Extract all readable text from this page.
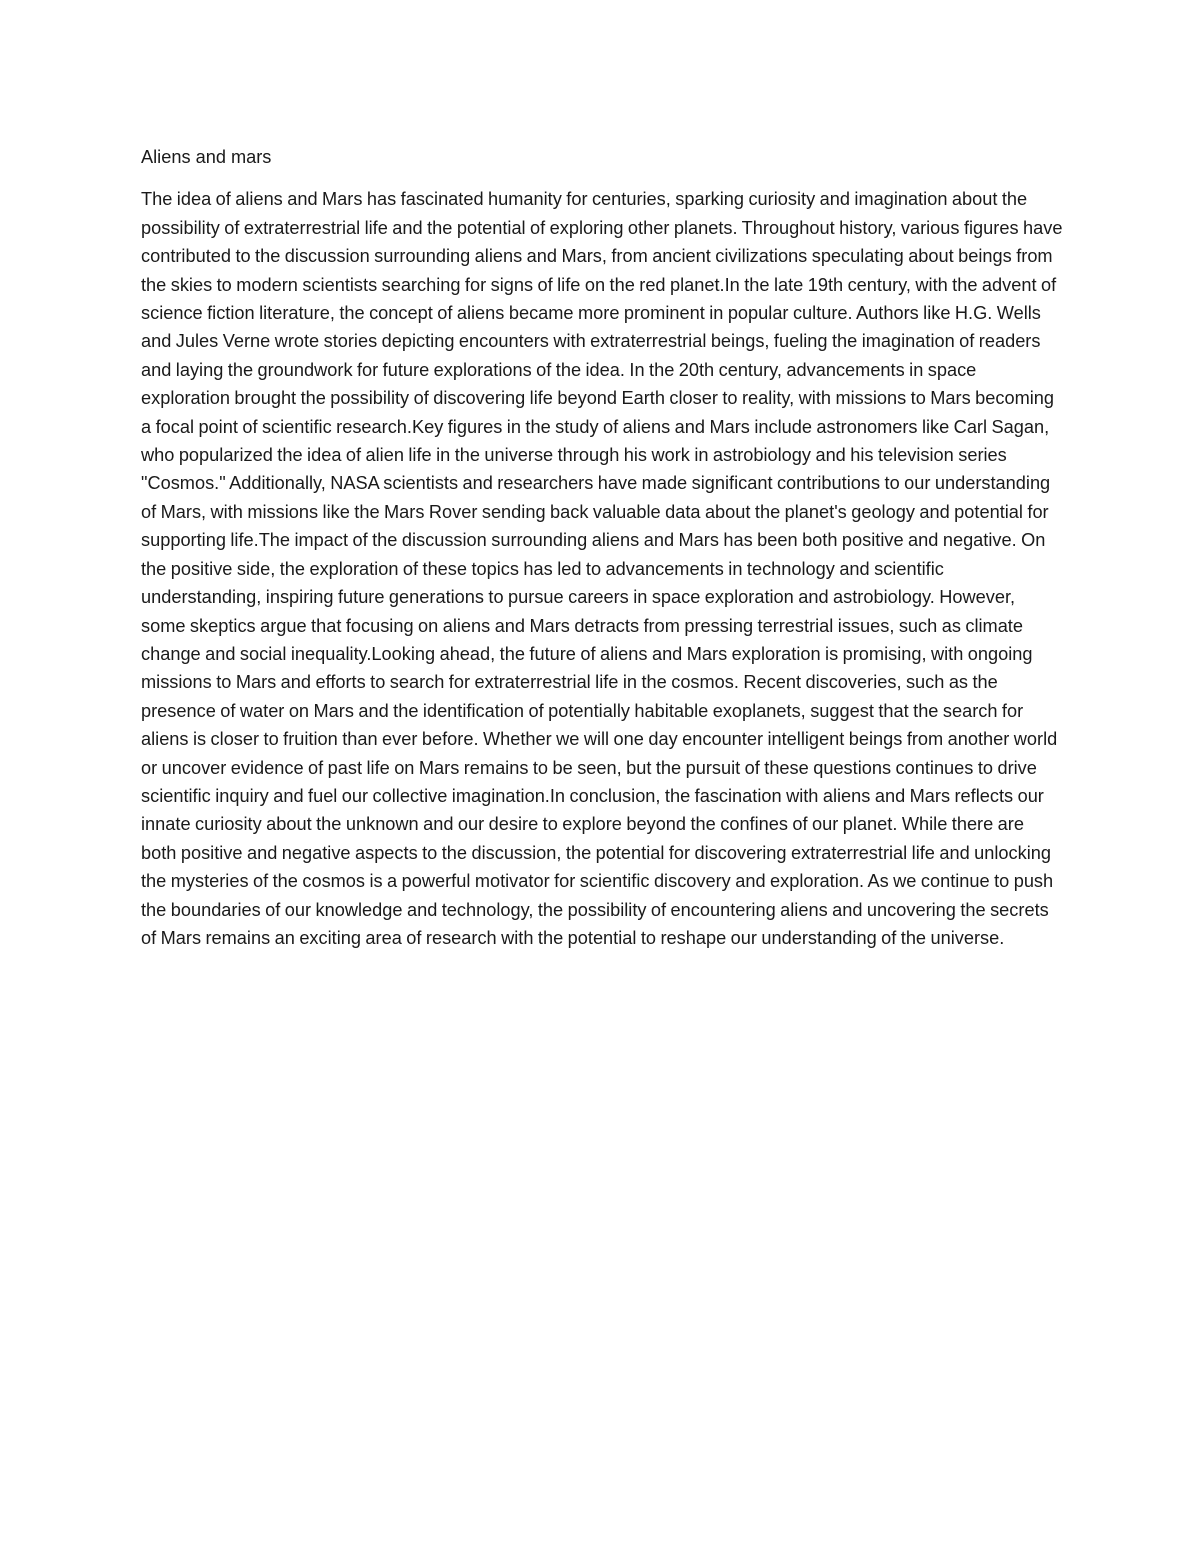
Aliens and mars

The idea of aliens and Mars has fascinated humanity for centuries, sparking curiosity and imagination about the possibility of extraterrestrial life and the potential of exploring other planets. Throughout history, various figures have contributed to the discussion surrounding aliens and Mars, from ancient civilizations speculating about beings from the skies to modern scientists searching for signs of life on the red planet.In the late 19th century, with the advent of science fiction literature, the concept of aliens became more prominent in popular culture. Authors like H.G. Wells and Jules Verne wrote stories depicting encounters with extraterrestrial beings, fueling the imagination of readers and laying the groundwork for future explorations of the idea. In the 20th century, advancements in space exploration brought the possibility of discovering life beyond Earth closer to reality, with missions to Mars becoming a focal point of scientific research.Key figures in the study of aliens and Mars include astronomers like Carl Sagan, who popularized the idea of alien life in the universe through his work in astrobiology and his television series "Cosmos." Additionally, NASA scientists and researchers have made significant contributions to our understanding of Mars, with missions like the Mars Rover sending back valuable data about the planet's geology and potential for supporting life.The impact of the discussion surrounding aliens and Mars has been both positive and negative. On the positive side, the exploration of these topics has led to advancements in technology and scientific understanding, inspiring future generations to pursue careers in space exploration and astrobiology. However, some skeptics argue that focusing on aliens and Mars detracts from pressing terrestrial issues, such as climate change and social inequality.Looking ahead, the future of aliens and Mars exploration is promising, with ongoing missions to Mars and efforts to search for extraterrestrial life in the cosmos. Recent discoveries, such as the presence of water on Mars and the identification of potentially habitable exoplanets, suggest that the search for aliens is closer to fruition than ever before. Whether we will one day encounter intelligent beings from another world or uncover evidence of past life on Mars remains to be seen, but the pursuit of these questions continues to drive scientific inquiry and fuel our collective imagination.In conclusion, the fascination with aliens and Mars reflects our innate curiosity about the unknown and our desire to explore beyond the confines of our planet. While there are both positive and negative aspects to the discussion, the potential for discovering extraterrestrial life and unlocking the mysteries of the cosmos is a powerful motivator for scientific discovery and exploration. As we continue to push the boundaries of our knowledge and technology, the possibility of encountering aliens and uncovering the secrets of Mars remains an exciting area of research with the potential to reshape our understanding of the universe.
